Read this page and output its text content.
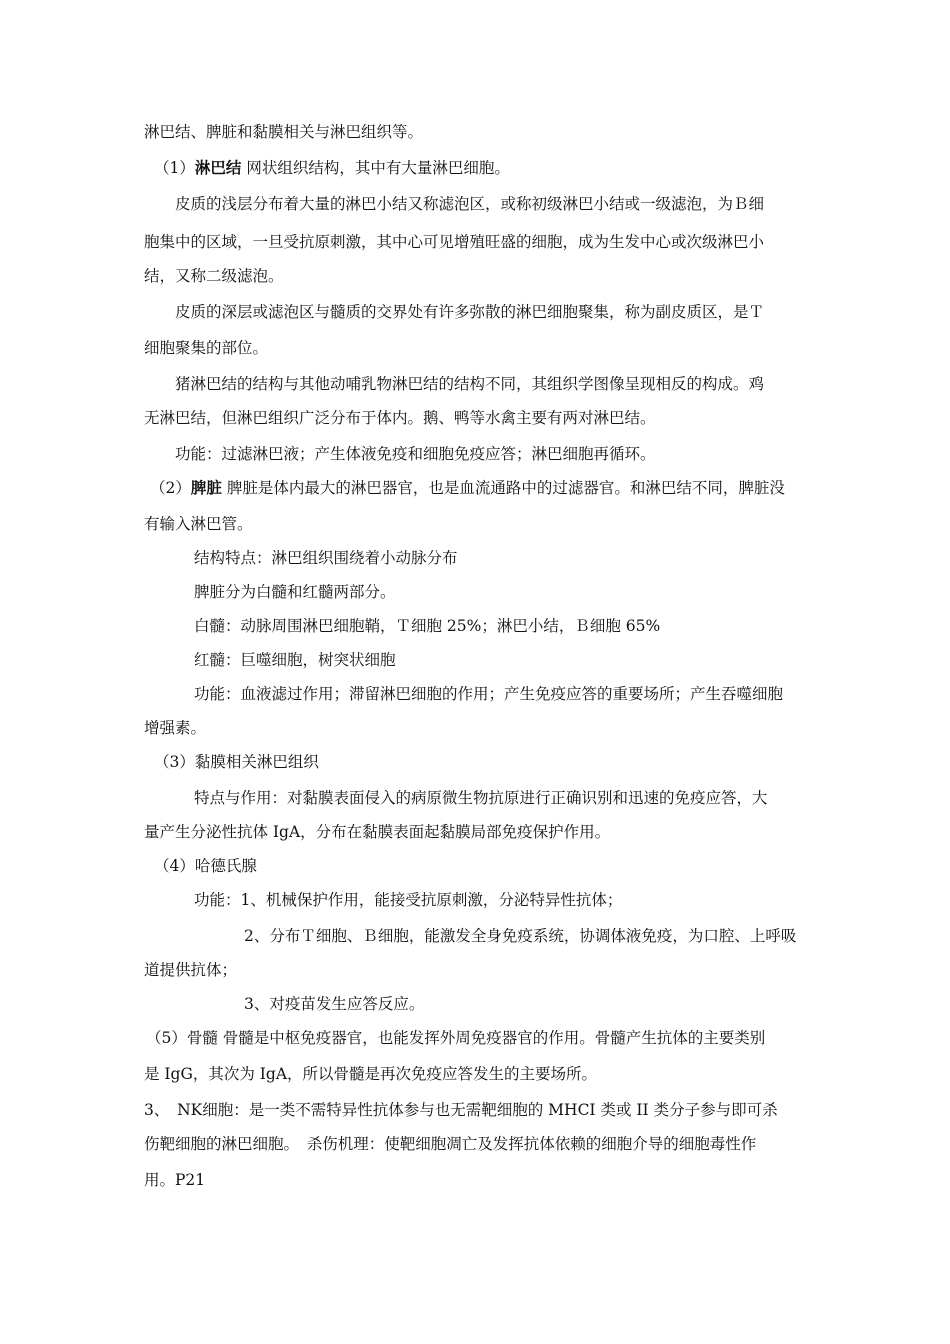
淋巴结、脾脏和黏膜相关与淋巴组织等。
（1）淋巴结 网状组织结构，其中有大量淋巴细胞。
皮质的浅层分布着大量的淋巴小结又称滤泡区，或称初级淋巴小结或一级滤泡，为Ｂ细
胞集中的区域，一旦受抗原刺激，其中心可见增殖旺盛的细胞，成为生发中心或次级淋巴小
结，又称二级滤泡。
皮质的深层或滤泡区与髓质的交界处有许多弥散的淋巴细胞聚集，称为副皮质区，是Ｔ
细胞聚集的部位。
猪淋巴结的结构与其他动哺乳物淋巴结的结构不同，其组织学图像呈现相反的构成。鸡
无淋巴结，但淋巴组织广泛分布于体内。鹅、鸭等水禽主要有两对淋巴结。
功能：过滤淋巴液；产生体液免疫和细胞免疫应答；淋巴细胞再循环。
（2）脾脏 脾脏是体内最大的淋巴器官，也是血流通路中的过滤器官。和淋巴结不同，脾脏没
有输入淋巴管。
结构特点：淋巴组织围绕着小动脉分布
脾脏分为白髓和红髓两部分。
白髓：动脉周围淋巴细胞鞘，Ｔ细胞 25%；淋巴小结，Ｂ细胞 65%
红髓：巨噬细胞，树突状细胞
功能：血液滤过作用；滞留淋巴细胞的作用；产生免疫应答的重要场所；产生吞噬细胞
增强素。
（3）黏膜相关淋巴组织
特点与作用：对黏膜表面侵入的病原微生物抗原进行正确识别和迅速的免疫应答，大
量产生分泌性抗体 IgA，分布在黏膜表面起黏膜局部免疫保护作用。
（4）哈德氏腺
功能：1、机械保护作用，能接受抗原刺激，分泌特异性抗体；
2、分布Ｔ细胞、Ｂ细胞，能激发全身免疫系统，协调体液免疫，为口腔、上呼吸
道提供抗体；
3、对疫苗发生应答反应。
（5）骨髓 骨髓是中枢免疫器官，也能发挥外周免疫器官的作用。骨髓产生抗体的主要类别
是 IgG，其次为 IgA，所以骨髓是再次免疫应答发生的主要场所。
3、　NK细胞：是一类不需特异性抗体参与也无需靶细胞的 MHCI 类或 II 类分子参与即可杀
伤靶细胞的淋巴细胞。　杀伤机理：使靶细胞凋亡及发挥抗体依赖的细胞介导的细胞毒性作
用。P21
